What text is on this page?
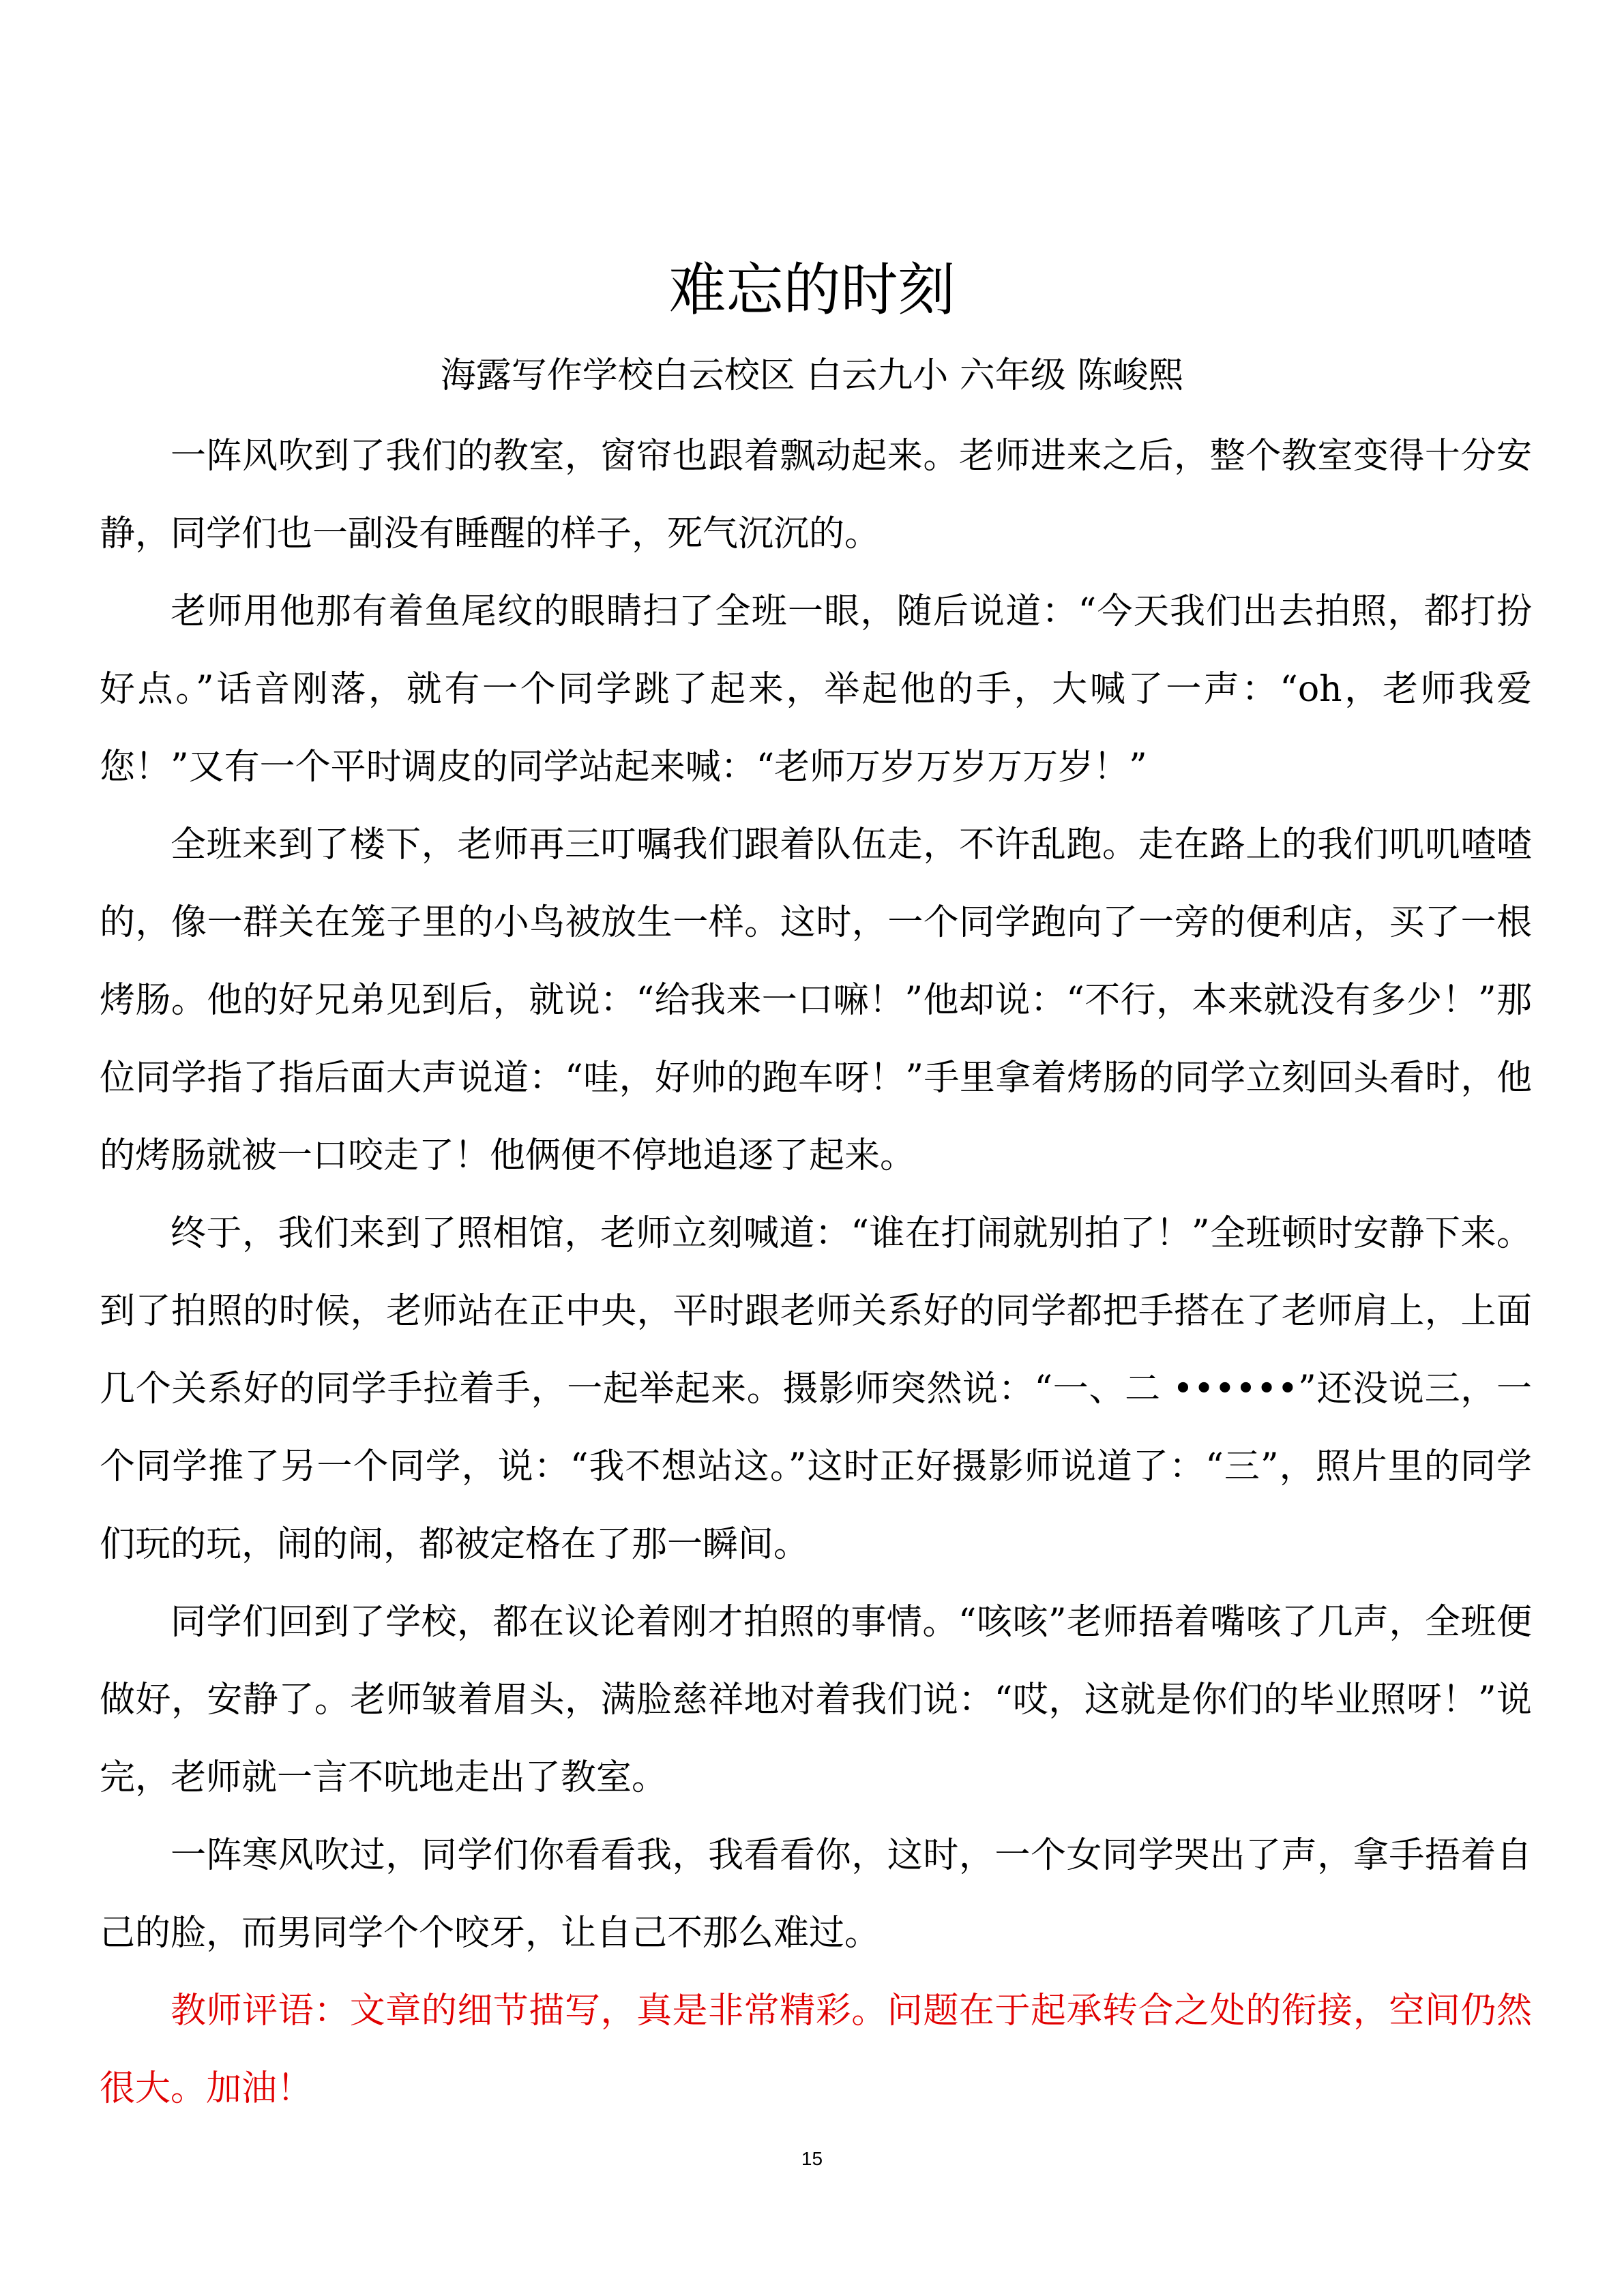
难忘的时刻

海露写作学校白云校区 白云九小 六年级 陈峻熙

一阵风吹到了我们的教室，窗帘也跟着飘动起来。老师进来之后，整个教室变得十分安静，同学们也一副没有睡醒的样子，死气沉沉的。

老师用他那有着鱼尾纹的眼睛扫了全班一眼，随后说道：“今天我们出去拍照，都打扮好点。”话音刚落，就有一个同学跳了起来，举起他的手，大喊了一声：“oh，老师我爱您！”又有一个平时调皮的同学站起来喊：“老师万岁万岁万万岁！”

全班来到了楼下，老师再三叮嘱我们跟着队伍走，不许乱跑。走在路上的我们叽叽喳喳的，像一群关在笼子里的小鸟被放生一样。这时，一个同学跑向了一旁的便利店，买了一根烤肠。他的好兄弟见到后，就说：“给我来一口嘛！”他却说：“不行，本来就没有多少！”那位同学指了指后面大声说道：“哇，好帅的跑车呀！”手里拿着烤肠的同学立刻回头看时，他的烤肠就被一口咬走了！他俩便不停地追逐了起来。

终于，我们来到了照相馆，老师立刻喊道：“谁在打闹就别拍了！”全班顿时安静下来。到了拍照的时候，老师站在正中央，平时跟老师关系好的同学都把手搭在了老师肩上，上面几个关系好的同学手拉着手，一起举起来。摄影师突然说：“一、二 ••••••”还没说三，一个同学推了另一个同学，说：“我不想站这。”这时正好摄影师说道了：“三”，照片里的同学们玩的玩，闹的闹，都被定格在了那一瞬间。

同学们回到了学校，都在议论着刚才拍照的事情。“咳咳”老师捂着嘴咳了几声，全班便做好，安静了。老师皱着眉头，满脸慈祥地对着我们说：“哎，这就是你们的毕业照呀！”说完，老师就一言不吭地走出了教室。

一阵寒风吹过，同学们你看看我，我看看你，这时，一个女同学哭出了声，拿手捂着自己的脸，而男同学个个咬牙，让自己不那么难过。

教师评语：文章的细节描写，真是非常精彩。问题在于起承转合之处的衔接，空间仍然很大。加油！

15
